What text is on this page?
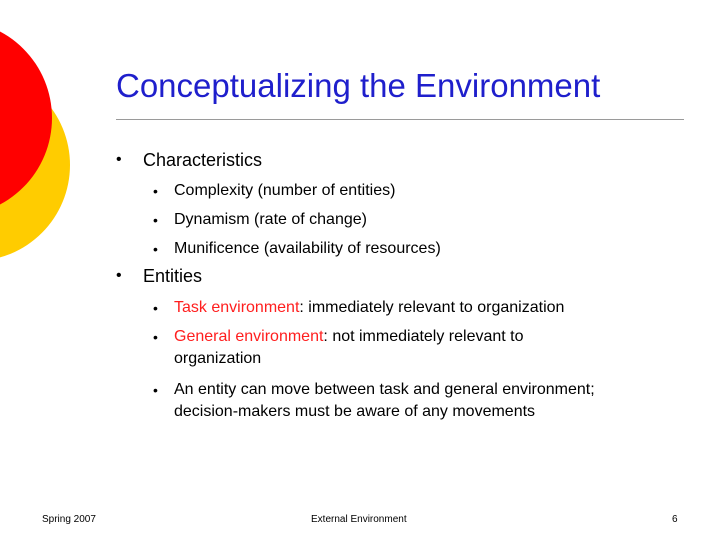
Conceptualizing the Environment
• Characteristics
• Complexity (number of entities)
• Dynamism (rate of change)
• Munificence (availability of resources)
• Entities
• Task environment: immediately relevant to organization
• General environment: not immediately relevant to
organization
• An entity can move between task and general environment;
decision-makers must be aware of any movements
Spring 2007	External Environment	6
